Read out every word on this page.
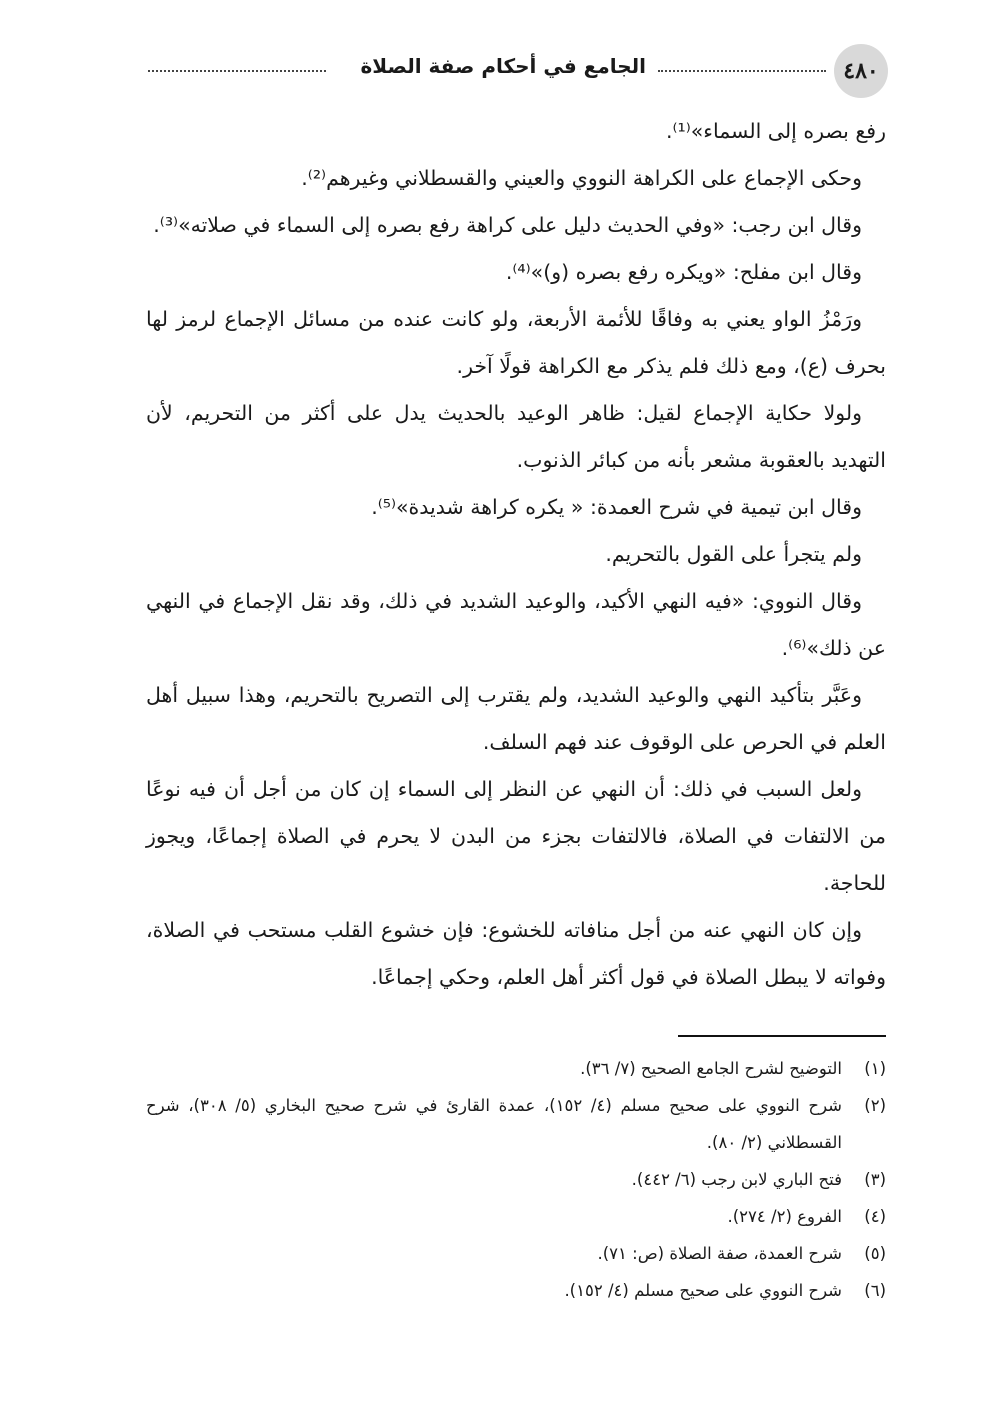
٤٨٠
الجامع في أحكام صفة الصلاة

رفع بصره إلى السماء»⁽¹⁾.

وحكى الإجماع على الكراهة النووي والعيني والقسطلاني وغيرهم⁽²⁾.

وقال ابن رجب: «وفي الحديث دليل على كراهة رفع بصره إلى السماء في صلاته»⁽³⁾.

وقال ابن مفلح: «ويكره رفع بصره (و)»⁽⁴⁾.

ورَمْزُ الواو يعني به وفاقًا للأئمة الأربعة، ولو كانت عنده من مسائل الإجماع لرمز لها بحرف (ع)، ومع ذلك فلم يذكر مع الكراهة قولًا آخر.

ولولا حكاية الإجماع لقيل: ظاهر الوعيد بالحديث يدل على أكثر من التحريم، لأن التهديد بالعقوبة مشعر بأنه من كبائر الذنوب.

وقال ابن تيمية في شرح العمدة: « يكره كراهة شديدة»⁽⁵⁾.

ولم يتجرأ على القول بالتحريم.

وقال النووي: «فيه النهي الأكيد، والوعيد الشديد في ذلك، وقد نقل الإجماع في النهي عن ذلك»⁽⁶⁾.

وعَبَّر بتأكيد النهي والوعيد الشديد، ولم يقترب إلى التصريح بالتحريم، وهذا سبيل أهل العلم في الحرص على الوقوف عند فهم السلف.

ولعل السبب في ذلك: أن النهي عن النظر إلى السماء إن كان من أجل أن فيه نوعًا من الالتفات في الصلاة، فالالتفات بجزء من البدن لا يحرم في الصلاة إجماعًا، ويجوز للحاجة.

وإن كان النهي عنه من أجل منافاته للخشوع: فإن خشوع القلب مستحب في الصلاة، وفواته لا يبطل الصلاة في قول أكثر أهل العلم، وحكي إجماعًا.

(١)
التوضيح لشرح الجامع الصحيح (٧/ ٣٦).
(٢)
شرح النووي على صحيح مسلم (٤/ ١٥٢)، عمدة القارئ في شرح صحيح البخاري (٥/ ٣٠٨)، شرح القسطلاني (٢/ ٨٠).
(٣)
فتح الباري لابن رجب (٦/ ٤٤٢).
(٤)
الفروع (٢/ ٢٧٤).
(٥)
شرح العمدة، صفة الصلاة (ص: ٧١).
(٦)
شرح النووي على صحيح مسلم (٤/ ١٥٢).
